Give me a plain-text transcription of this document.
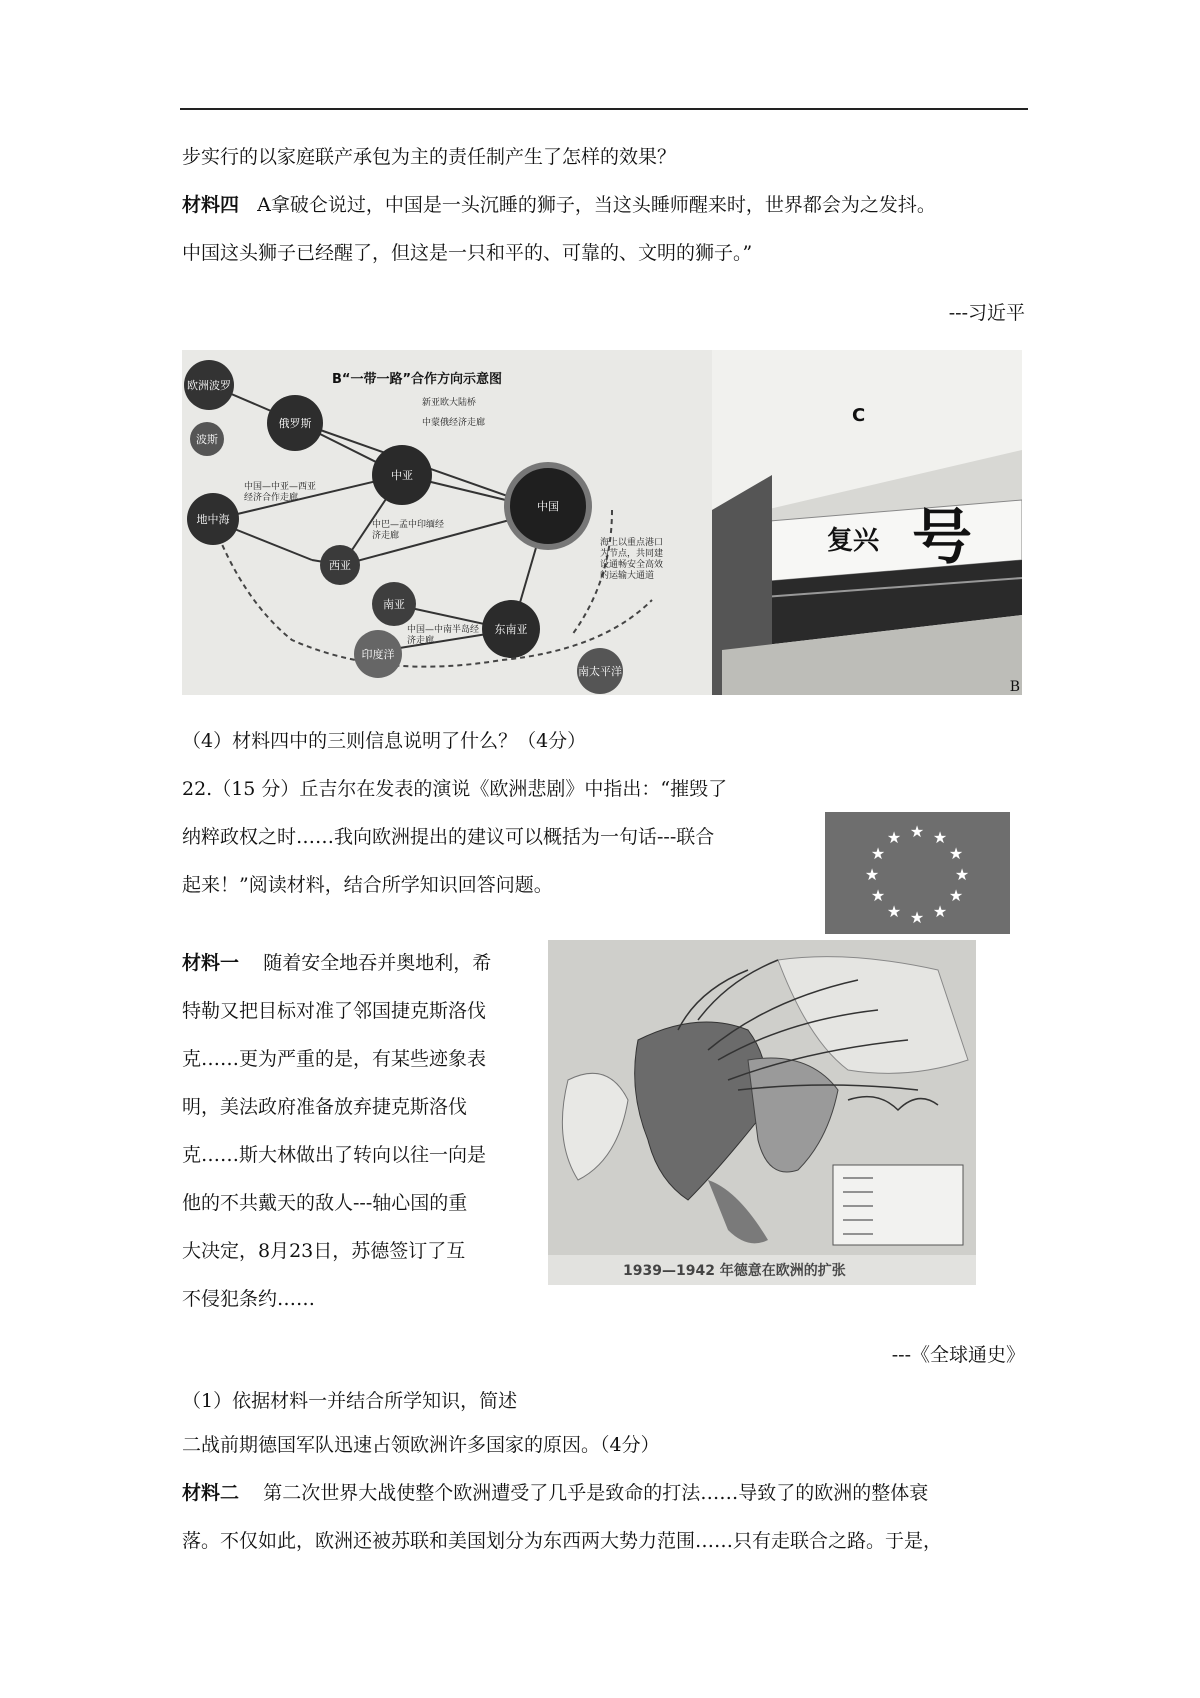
步实行的以家庭联产承包为主的责任制产生了怎样的效果？
材料四 A拿破仑说过，中国是一头沉睡的狮子，当这头睡师醒来时，世界都会为之发抖。
中国这头狮子已经醒了，但这是一只和平的、可靠的、文明的狮子。”
---习近平
B“一带一路”合作方向示意图
欧洲波罗
俄罗斯
波斯
中亚
中国
地中海
西亚
南亚
东南亚
印度洋
南太平洋
新亚欧大陆桥
中蒙俄经济走廊
中国—中亚—西亚经济合作走廊
中巴—孟中印缅经济走廊
中国—中南半岛经济走廊
海上以重点港口为节点，共同建设通畅安全高效的运输大通道
C
复兴 号
B
（4）材料四中的三则信息说明了什么？（4分）
22.（15 分）丘吉尔在发表的演说《欧洲悲剧》中指出：“摧毁了
纳粹政权之时……我向欧洲提出的建议可以概括为一句话---联合
起来！”阅读材料，结合所学知识回答问题。
★ ★
★
★
★
★
★
★
★
★
★
★
材料一 随着安全地吞并奥地利，希
特勒又把目标对准了邻国捷克斯洛伐
克……更为严重的是，有某些迹象表
明，美法政府准备放弃捷克斯洛伐
克……斯大林做出了转向以往一向是
他的不共戴天的敌人---轴心国的重
大决定，8月23日，苏德签订了互
不侵犯条约……
1939—1942 年德意在欧洲的扩张
---《全球通史》
（1）依据材料一并结合所学知识，简述
二战前期德国军队迅速占领欧洲许多国家的原因。（4分）
材料二 第二次世界大战使整个欧洲遭受了几乎是致命的打法……导致了的欧洲的整体衰
落。不仅如此，欧洲还被苏联和美国划分为东西两大势力范围……只有走联合之路。于是，
